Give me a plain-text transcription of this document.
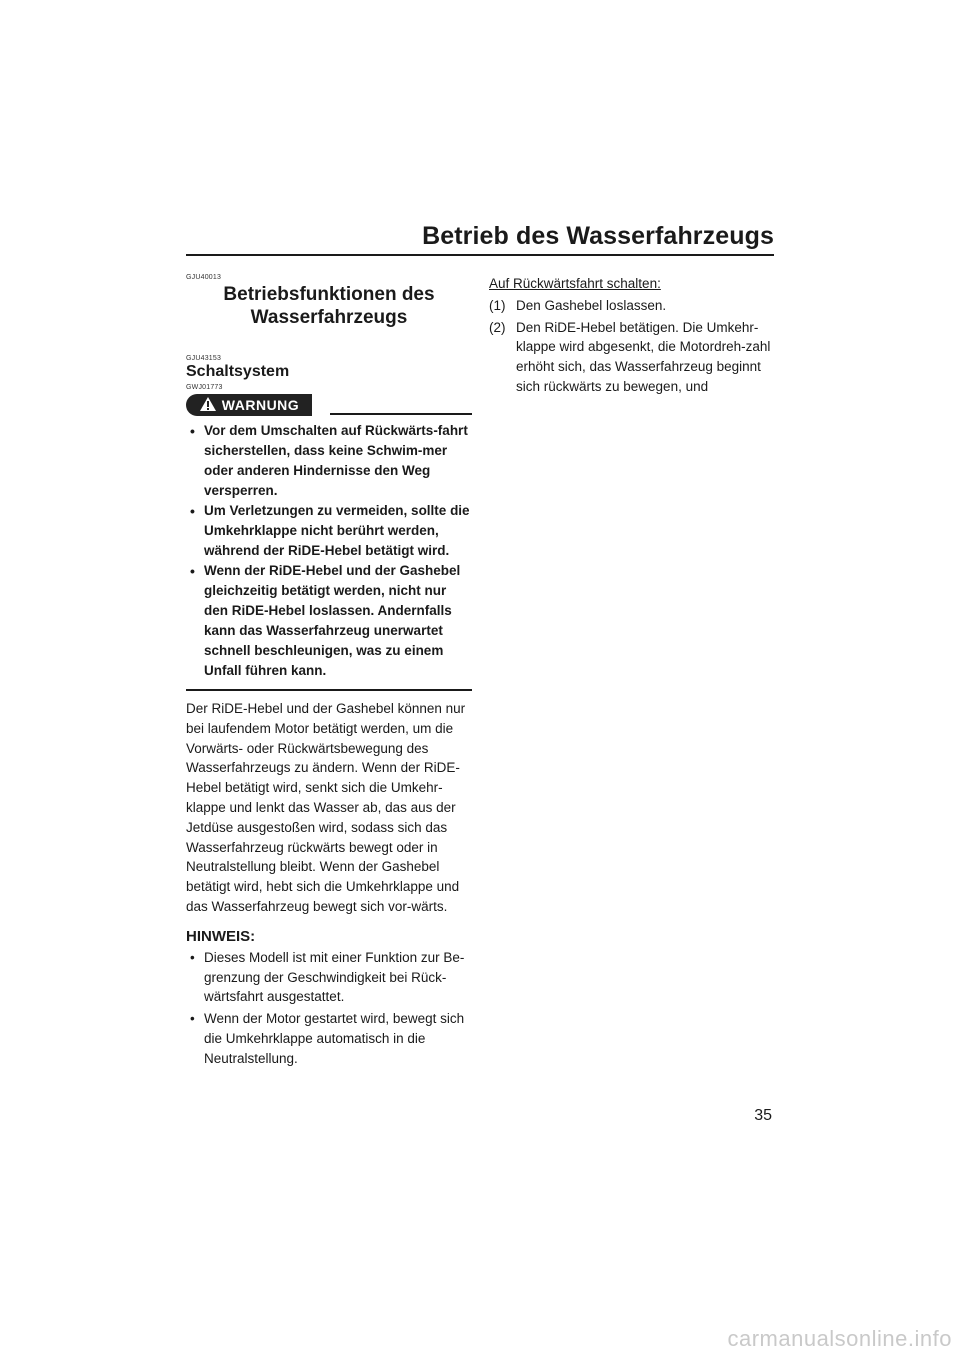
Betrieb des Wasserfahrzeugs
GJU40013
Betriebsfunktionen des
Wasserfahrzeugs
GJU43153
Schaltsystem
GWJ01773
WARNUNG
• Vor dem Umschalten auf Rückwärts-fahrt sicherstellen, dass keine Schwim-mer oder anderen Hindernisse den Weg versperren.
• Um Verletzungen zu vermeiden, sollte die Umkehrklappe nicht berührt werden, während der RiDE-Hebel betätigt wird.
• Wenn der RiDE-Hebel und der Gashebel gleichzeitig betätigt werden, nicht nur den RiDE-Hebel loslassen. Andernfalls kann das Wasserfahrzeug unerwartet schnell beschleunigen, was zu einem Unfall führen kann.

Der RiDE-Hebel und der Gashebel können nur bei laufendem Motor betätigt werden, um die Vorwärts- oder Rückwärtsbewegung des Wasserfahrzeugs zu ändern. Wenn der RiDE-Hebel betätigt wird, senkt sich die Umkehr-klappe und lenkt das Wasser ab, das aus der Jetdüse ausgestoßen wird, sodass sich das Wasserfahrzeug rückwärts bewegt oder in Neutralstellung bleibt. Wenn der Gashebel betätigt wird, hebt sich die Umkehrklappe und das Wasserfahrzeug bewegt sich vor-wärts.

HINWEIS:
• Dieses Modell ist mit einer Funktion zur Be-grenzung der Geschwindigkeit bei Rück-wärtsfahrt ausgestattet.
• Wenn der Motor gestartet wird, bewegt sich die Umkehrklappe automatisch in die Neutralstellung.

Auf Rückwärtsfahrt schalten:

(1) Den Gashebel loslassen.
(2) Den RiDE-Hebel betätigen. Die Umkehr-klappe wird abgesenkt, die Motordreh-zahl erhöht sich, das Wasserfahrzeug beginnt sich rückwärts zu bewegen, und
35
carmanualsonline.info
